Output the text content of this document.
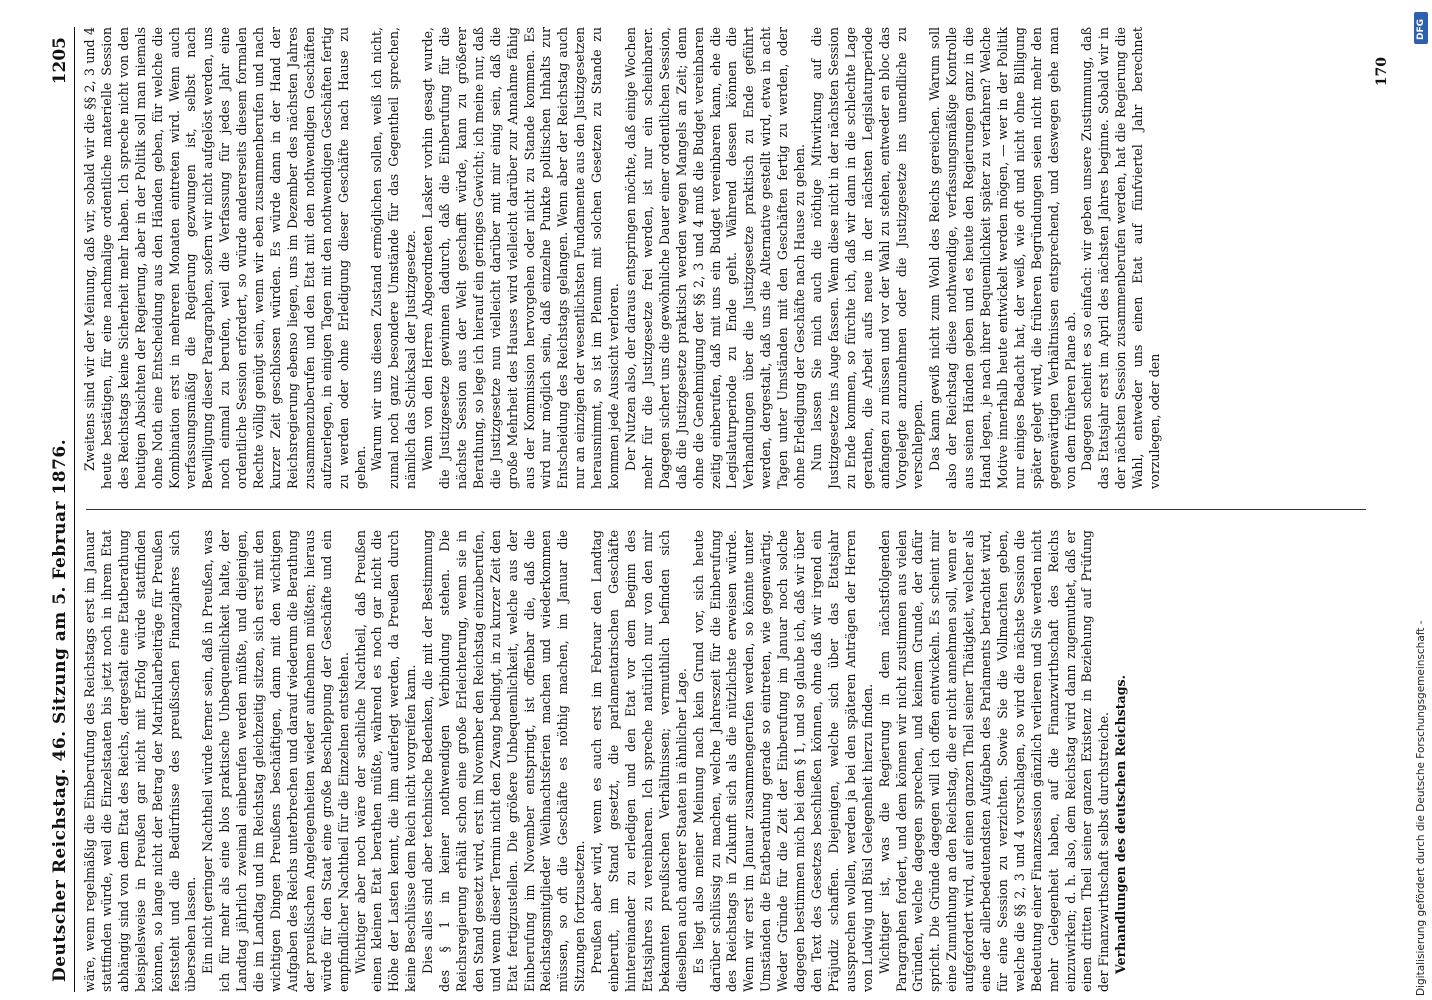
Deutscher Reichstag. 46. Sitzung am 5. Februar 1876.
1205

wäre, wenn regelmäßig die Einberufung des Reichstags erst im Januar stattfinden würde, weil die Einzelstaaten bis jetzt noch in ihrem Etat abhängig sind von dem Etat des Reichs, dergestalt eine Etatberathung beispielsweise in Preußen gar nicht mit Erfolg würde stattfinden können, so lange nicht der Betrag der Matrikularbeiträge für Preußen feststeht und die Bedürfnisse des preußischen Finanzjahres sich übersehen lassen. Ein nicht geringer Nachtheil würde ferner sein, daß in Preußen, was ich für mehr als eine blos praktische Unbequemlichkeit halte, der Landtag jährlich zweimal einberufen werden müßte, und diejenigen, die im Landtag und im Reichstag gleichzeitig sitzen, sich erst mit den wichtigen Dingen Preußens beschäftigen, dann mit den wichtigen Aufgaben des Reichs unterbrechen und darauf wiederum die Berathung der preußischen Angelegenheiten wieder aufnehmen müßten; hieraus würde für den Staat eine große Beschleppung der Geschäfte und ein empfindlicher Nachtheil für die Einzelnen entstehen. Wichtiger aber noch wäre der sachliche Nachtheil, daß Preußen einen kleinen Etat berathen müßte, während es noch gar nicht die Höhe der Lasten kennt, die ihm auferlegt werden, da Preußen durch keine Beschlüsse dem Reich nicht vorgreifen kann. Dies alles sind aber technische Bedenken, die mit der Bestimmung des § 1 in keiner nothwendigen Verbindung stehen. Die Reichsregierung erhält schon eine große Erleichterung, wenn sie in den Stand gesetzt wird, erst im November den Reichstag einzuberufen, und wenn dieser Termin nicht den Zwang bedingt, in zu kurzer Zeit den Etat fertigzustellen. Die größere Unbequemlichkeit, welche aus der Einberufung im November entspringt, ist offenbar die, daß die Reichstagsmitglieder Weihnachtsferien machen und wiederkommen müssen, so oft die Geschäfte es nöthig machen, im Januar die Sitzungen fortzusetzen. Preußen aber wird, wenn es auch erst im Februar den Landtag einberuft, im Stand gesetzt, die parlamentarischen Geschäfte hintereinander zu erledigen und den Etat vor dem Beginn des Etatsjahres zu vereinbaren. Ich spreche natürlich nur von den mir bekannten preußischen Verhältnissen; vermuthlich befinden sich dieselben auch anderer Staaten in ähnlicher Lage. Es liegt also meiner Meinung nach kein Grund vor, sich heute darüber schlüssig zu machen, welche Jahreszeit für die Einberufung des Reichstags in Zukunft sich als die nützlichste erweisen würde. Wenn wir erst im Januar zusammengerufen werden, so könnte unter Umständen die Etatberathung gerade so eintreten, wie gegenwärtig. Weder Gründe für die Zeit der Einberufung im Januar noch solche dagegen bestimmen mich bei dem § 1, und so glaube ich, daß wir über den Text des Gesetzes beschließen können, ohne daß wir irgend ein Präjudiz schaffen. Diejenigen, welche sich über das Etatsjahr aussprechen wollen, werden ja bei den späteren Anträgen der Herren von Ludwig und Büsl Gelegenheit hierzu finden. Wichtiger ist, was die Regierung in dem nächstfolgenden Paragraphen fordert, und dem können wir nicht zustimmen aus vielen Gründen, welche dagegen sprechen, und keinem Grunde, der dafür spricht. Die Gründe dagegen will ich offen entwickeln. Es scheint mir eine Zumuthung an den Reichstag, die er nicht annehmen soll, wenn er aufgefordert wird, auf einen ganzen Theil seiner Thätigkeit, welcher als eine der allerbedeutendsten Aufgaben des Parlaments betrachtet wird, für eine Session zu verzichten. Sowie Sie die Vollmachten geben, welche die §§ 2, 3 und 4 vorschlagen, so wird die nächste Session die Bedeutung einer Finanzsession gänzlich verlieren und Sie werden nicht mehr Gelegenheit haben, auf die Finanzwirthschaft des Reichs einzuwirken; d. h. also, dem Reichstag wird dann zugemuthet, daß er einen dritten Theil seiner ganzen Existenz in Beziehung auf Prüfung der Finanzwirthschaft selbst durchstreiche. Verhandlungen des deutschen Reichstags.

Zweitens sind wir der Meinung, daß wir, sobald wir die §§ 2, 3 und 4 heute bestätigen, für eine nachmalige ordentliche materielle Session des Reichstags keine Sicherheit mehr haben. Ich spreche nicht von den heutigen Absichten der Regierung, aber in der Politik soll man niemals ohne Noth eine Entscheidung aus den Händen geben, für welche die Kombination erst in mehreren Monaten eintreten wird. Wenn auch verfassungsmäßig die Regierung gezwungen ist, selbst nach Bewilligung dieser Paragraphen, sofern wir nicht aufgelöst werden, uns noch einmal zu berufen, weil die Verfassung für jedes Jahr eine ordentliche Session erfordert, so würde andererseits diesem formalen Rechte völlig genügt sein, wenn wir eben zusammenberufen und nach kurzer Zeit geschlossen würden. Es würde dann in der Hand der Reichsregierung ebenso liegen, uns im Dezember des nächsten Jahres zusammenzuberufen und den Etat mit den nothwendigen Geschäften aufzuerlegen, in einigen Tagen mit den nothwendigen Geschäften fertig zu werden oder ohne Erledigung dieser Geschäfte nach Hause zu gehen. Warum wir uns diesen Zustand ermöglichen sollen, weiß ich nicht, zumal noch ganz besondere Umstände für das Gegentheil sprechen, nämlich das Schicksal der Justizgesetze. Wenn von den Herren Abgeordneten Lasker vorhin gesagt wurde, die Justizgesetze gewinnen dadurch, daß die Einberufung für die nächste Session aus der Welt geschafft würde, kann zu größerer Berathung, so lege ich hierauf ein geringes Gewicht; ich meine nur, daß die Justizgesetze nun vielleicht darüber mit mir einig sein, daß die große Mehrheit des Hauses wird vielleicht darüber zur Annahme fähig aus der Kommission hervorgehen oder nicht zu Stande kommen. Es wird nur möglich sein, daß einzelne Punkte politischen Inhalts zur Entscheidung des Reichstags gelangen. Wenn aber der Reichstag auch nur an einzigen der wesentlichsten Fundamente aus den Justizgesetzen herausnimmt, so ist im Plenum mit solchen Gesetzen zu Stande zu kommen jede Aussicht verloren. Der Nutzen also, der daraus entspringen möchte, daß einige Wochen mehr für die Justizgesetze frei werden, ist nur ein scheinbarer. Dagegen sichert uns die gewöhnliche Dauer einer ordentlichen Session, daß die Justizgesetze praktisch werden wegen Mangels an Zeit; denn ohne die Genehmigung der §§ 2, 3 und 4 muß die Budget vereinbaren zeitig einberufen, daß mit uns ein Budget vereinbaren kann, ehe die Legislaturperiode zu Ende geht. Während dessen können die Verhandlungen über die Justizgesetze praktisch zu Ende geführt werden, dergestalt, daß uns die Alternative gestellt wird, etwa in acht Tagen unter Umständen mit den Geschäften fertig zu werden, oder ohne Erledigung der Geschäfte nach Hause zu gehen. Nun lassen Sie mich auch die nöthige Mitwirkung auf die Justizgesetze ins Auge fassen. Wenn diese nicht in der nächsten Session zu Ende kommen, so fürchte ich, daß wir dann in die schlechte Lage gerathen, die Arbeit aufs neue in der nächsten Legislaturperiode anfangen zu müssen und vor der Wahl zu stehen, entweder en bloc das Vorgelegte anzunehmen oder die Justizgesetze ins unendliche zu verschleppen. Das kann gewiß nicht zum Wohl des Reichs gereichen. Warum soll also der Reichstag diese nothwendige, verfassungsmäßige Kontrolle aus seinen Händen geben und es heute den Regierungen ganz in die Hand legen, je nach ihrer Bequemlichkeit später zu verfahren? Welche Motive innerhalb heute entwickelt werden mögen, — wer in der Politik nur einiges Bedacht hat, der weiß, wie oft und nicht ohne Billigung später gelegt wird, die früheren Begründungen seien nicht mehr den gegenwärtigen Verhältnissen entsprechend, und deswegen gehe man von dem früheren Plane ab. Dagegen scheint es so einfach: wir geben unsere Zustimmung, daß das Etatsjahr erst im April des nächsten Jahres beginne. Sobald wir in der nächsten Session zusammenberufen werden, hat die Regierung die Wahl, entweder uns einen Etat auf fünfviertel Jahr berechnet vorzulegen, oder den

170
Digitalisierung gefördert durch die Deutsche Forschungsgemeinschaft -
DFG
